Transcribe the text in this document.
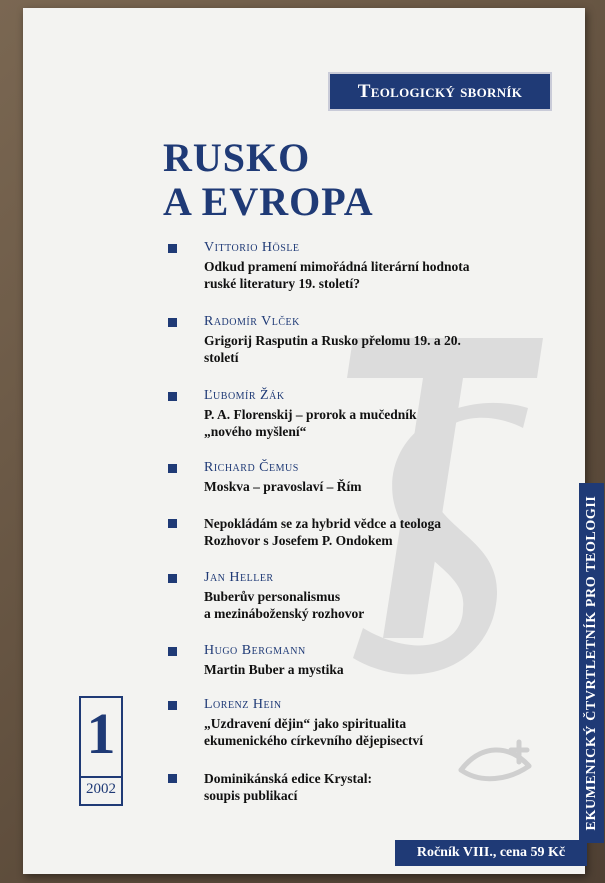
Teologický sborník
RUSKO
A EVROPA
Vittorio Hösle
Odkud pramení mimořádná literární hodnota
ruské literatury 19. století?
Radomír Vlček
Grigorij Rasputin a Rusko přelomu 19. a 20.
století
Ľubomír Žák
P. A. Florenskij – prorok a mučedník
„nového myšlení“
Richard Čemus
Moskva – pravoslaví – Řím
Nepokládám se za hybrid vědce a teologa
Rozhovor s Josefem P. Ondokem
Jan Heller
Buberův personalismus
a mezináboženský rozhovor
Hugo Bergmann
Martin Buber a mystika
Lorenz Hein
„Uzdravení dějin“ jako spiritualita
ekumenického církevního dějepisectví
Dominikánská edice Krystal:
soupis publikací
1
2002	EKUMENICKÝ ČTVRTLETNÍK PRO TEOLOGII
Ročník VIII., cena 59 Kč
